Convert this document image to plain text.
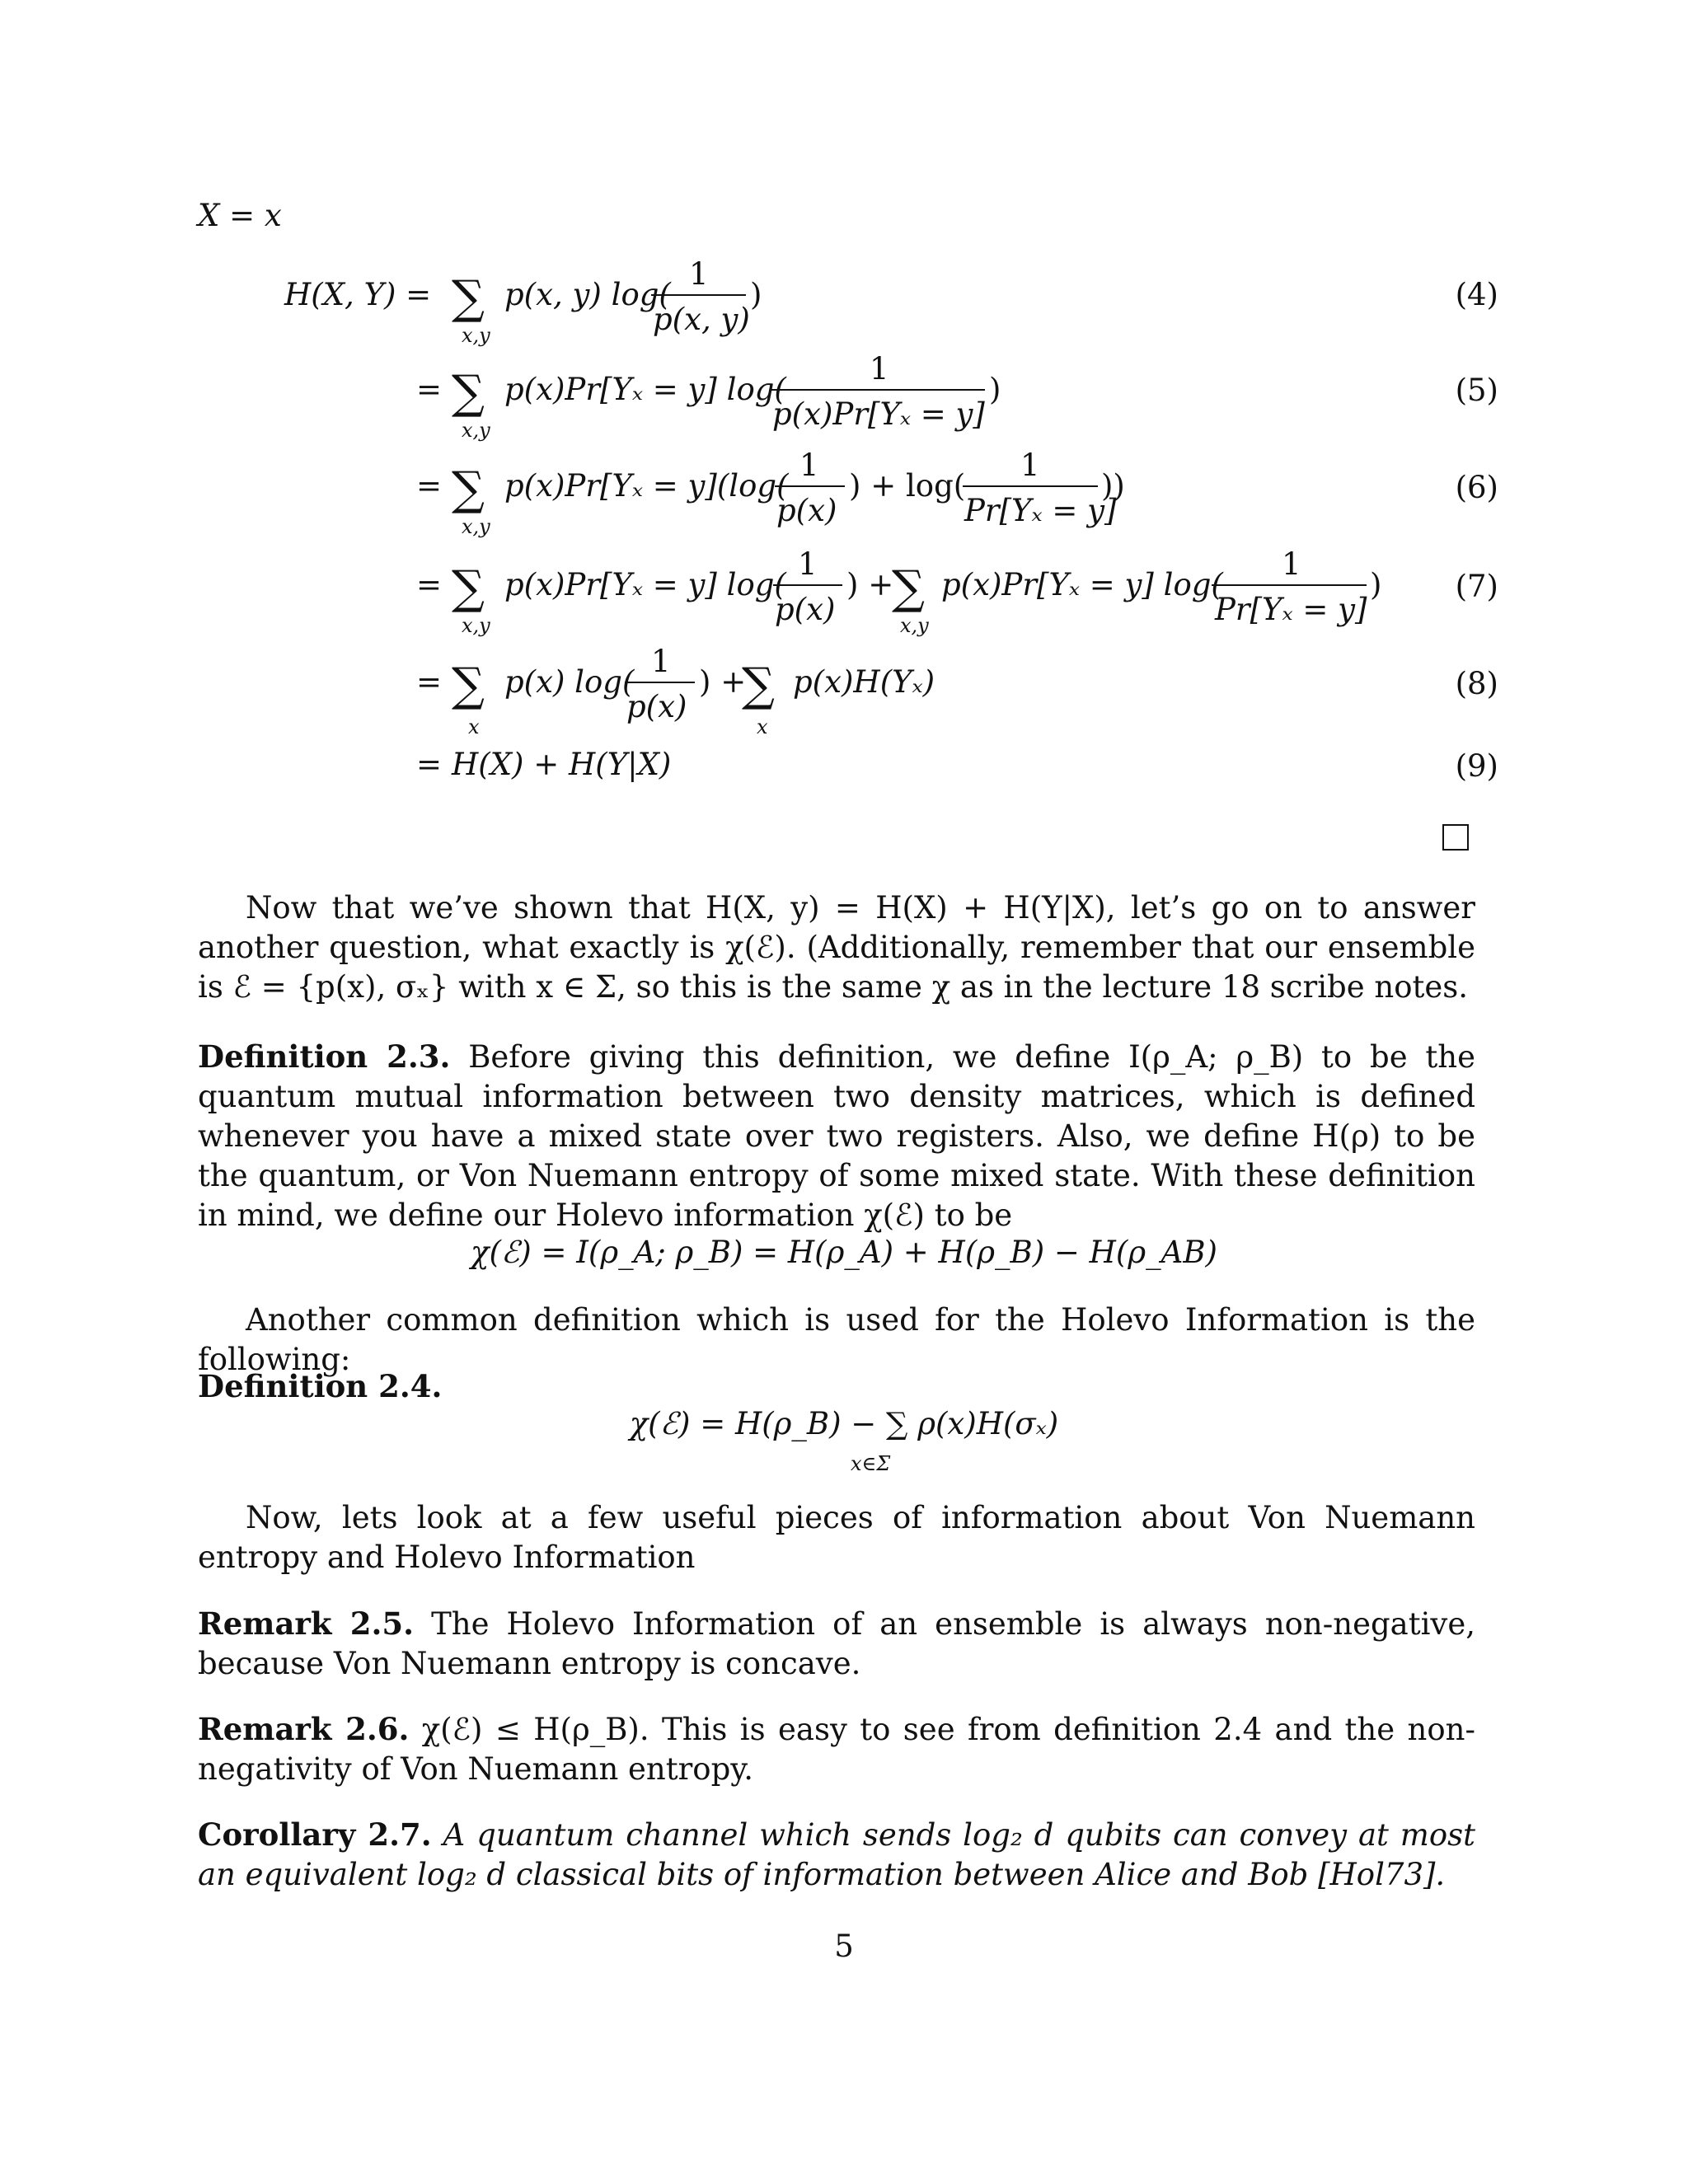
X = x
H(X, Y) = ∑
x,y
p(x, y) log(
1
p(x, y)
)
= ∑
x,y
p(x)Pr[Yₓ = y] log(
1
p(x)Pr[Yₓ = y]
)
= ∑
x,y
p(x)Pr[Yₓ = y](log(
1
p(x)
) + log(
1
Pr[Yₓ = y]
))
= ∑
x,y
p(x)Pr[Yₓ = y] log(
1
p(x)
) +
∑
x,y
p(x)Pr[Yₓ = y] log(
1
Pr[Yₓ = y]
)
= ∑
x
p(x) log(
1
p(x)
) +
∑
x
p(x)H(Yₓ)
= H(X) + H(Y|X)
(4)
(5)
(6)
(7)
(8)
(9)
Now that we’ve shown that H(X, y) = H(X) + H(Y|X), let’s go on to answer another question, what exactly is χ(ℰ). (Additionally, remember that our ensemble is ℰ = {p(x), σₓ} with x ∈ Σ, so this is the same χ as in the lecture 18 scribe notes.
Definition 2.3. Before giving this definition, we define I(ρ_A; ρ_B) to be the quantum mutual information between two density matrices, which is defined whenever you have a mixed state over two registers. Also, we define H(ρ) to be the quantum, or Von Nuemann entropy of some mixed state. With these definition in mind, we define our Holevo information χ(ℰ) to be
χ(ℰ) = I(ρ_A; ρ_B) = H(ρ_A) + H(ρ_B) − H(ρ_AB)
Another common definition which is used for the Holevo Information is the following:
Definition 2.4.
χ(ℰ) = H(ρ_B) − ∑ ρ(x)H(σₓ)
x∈Σ
Now, lets look at a few useful pieces of information about Von Nuemann entropy and Holevo Information
Remark 2.5. The Holevo Information of an ensemble is always non-negative, because Von Nuemann entropy is concave.
Remark 2.6. χ(ℰ) ≤ H(ρ_B). This is easy to see from definition 2.4 and the non-negativity of Von Nuemann entropy.
Corollary 2.7. A quantum channel which sends log₂ d qubits can convey at most an equivalent log₂ d classical bits of information between Alice and Bob [Hol73].
5
